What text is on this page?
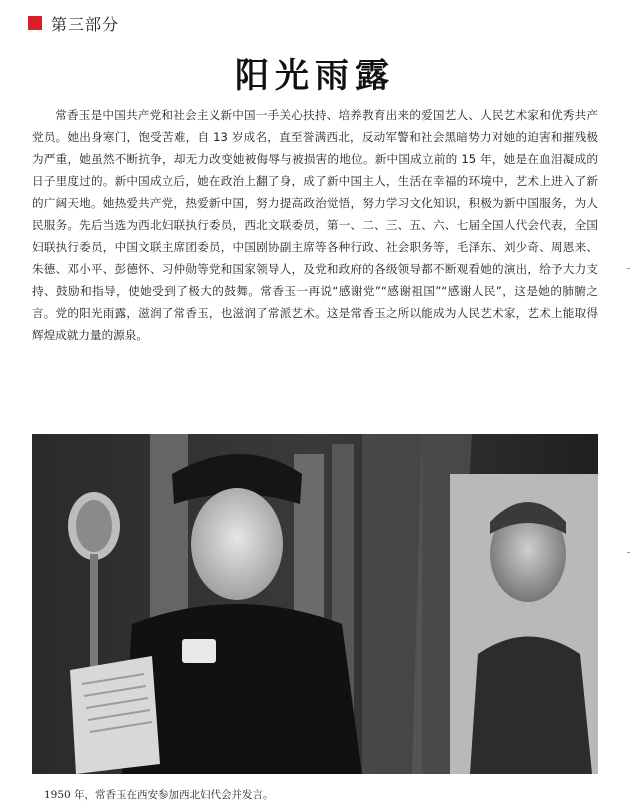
第三部分
阳光雨露
常香玉是中国共产党和社会主义新中国一手关心扶持、培养教育出来的爱国艺人、人民艺术家和优秀共产党员。她出身寒门，饱受苦难，自 13 岁成名，直至誉满西北，反动军警和社会黑暗势力对她的迫害和摧残极为严重，她虽然不断抗争，却无力改变她被侮辱与被损害的地位。新中国成立前的 15 年，她是在血泪凝成的日子里度过的。新中国成立后，她在政治上翻了身，成了新中国主人，生活在幸福的环境中，艺术上进入了新的广阔天地。她热爱共产党，热爱新中国，努力提高政治觉悟，努力学习文化知识，积极为新中国服务，为人民服务。先后当选为西北妇联执行委员，西北文联委员，第一、二、三、五、六、七届全国人代会代表，全国妇联执行委员，中国文联主席团委员，中国剧协副主席等各种行政、社会职务等，毛泽东、刘少奇、周恩来、朱德、邓小平、彭德怀、习仲勋等党和国家领导人，及党和政府的各级领导都不断观看她的演出，给予大力支持、鼓励和指导，使她受到了极大的鼓舞。常香玉一再说“感谢党”“感谢祖国”“感谢人民”，这是她的肺腑之言。党的阳光雨露，滋润了常香玉，也滋润了常派艺术。这是常香玉之所以能成为人民艺术家，艺术上能取得辉煌成就力量的源泉。
1950 年，常香玉在西安参加西北妇代会并发言。
